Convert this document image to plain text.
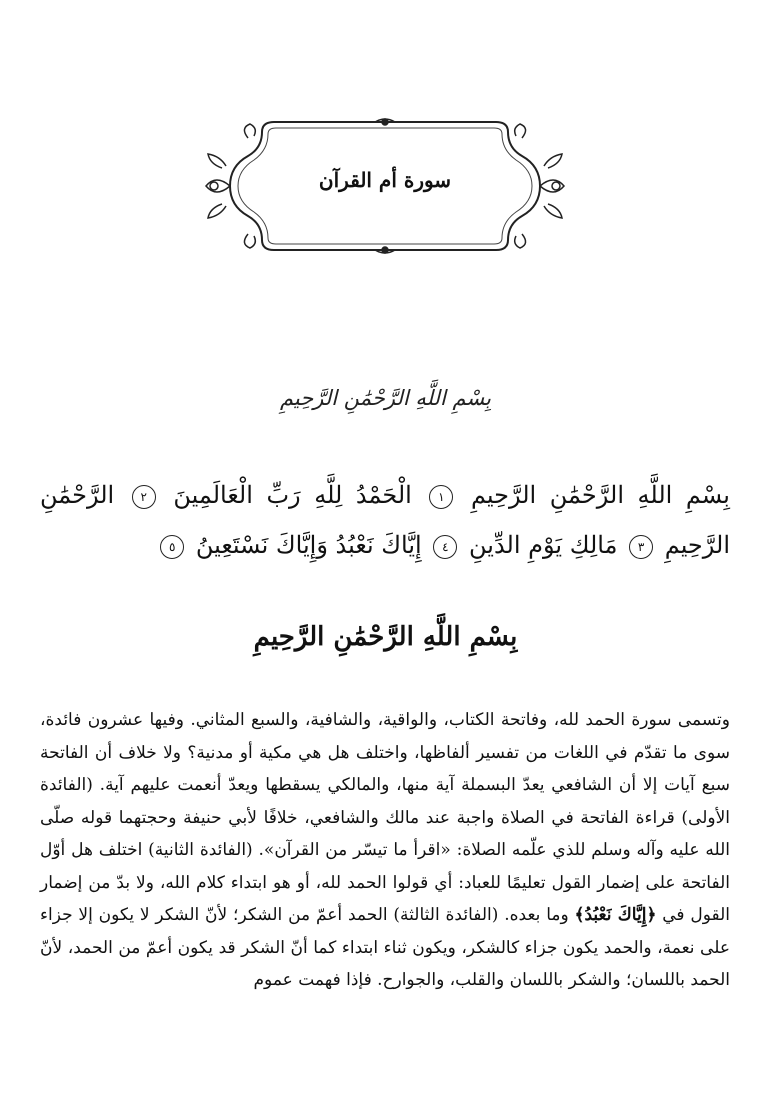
سورة أم القرآن
بِسْمِ اللَّهِ الرَّحْمَٰنِ الرَّحِيمِ
بِسْمِ اللَّهِ الرَّحْمَٰنِ الرَّحِيمِ ١ الْحَمْدُ لِلَّهِ رَبِّ الْعَالَمِينَ ٢ الرَّحْمَٰنِ الرَّحِيمِ ٣ مَالِكِ يَوْمِ الدِّينِ ٤ إِيَّاكَ نَعْبُدُ وَإِيَّاكَ نَسْتَعِينُ ٥
بِسْمِ اللَّهِ الرَّحْمَٰنِ الرَّحِيمِ
وتسمى سورة الحمد لله، وفاتحة الكتاب، والواقية، والشافية، والسبع المثاني. وفيها عشرون فائدة، سوى ما تقدّم في اللغات من تفسير ألفاظها، واختلف هل هي مكية أو مدنية؟ ولا خلاف أن الفاتحة سبع آيات إلا أن الشافعي يعدّ البسملة آية منها، والمالكي يسقطها ويعدّ أنعمت عليهم آية. (الفائدة الأولى) قراءة الفاتحة في الصلاة واجبة عند مالك والشافعي، خلافًا لأبي حنيفة وحجتهما قوله صلّى الله عليه وآله وسلم للذي علّمه الصلاة: «اقرأ ما تيسّر من القرآن». (الفائدة الثانية) اختلف هل أوّل الفاتحة على إضمار القول تعليمًا للعباد: أي قولوا الحمد لله، أو هو ابتداء كلام الله، ولا بدّ من إضمار القول في ﴿إِيَّاكَ نَعْبُدُ﴾ وما بعده. (الفائدة الثالثة) الحمد أعمّ من الشكر؛ لأنّ الشكر لا يكون إلا جزاء على نعمة، والحمد يكون جزاء كالشكر، ويكون ثناء ابتداء كما أنّ الشكر قد يكون أعمّ من الحمد، لأنّ الحمد باللسان؛ والشكر باللسان والقلب، والجوارح. فإذا فهمت عموم
